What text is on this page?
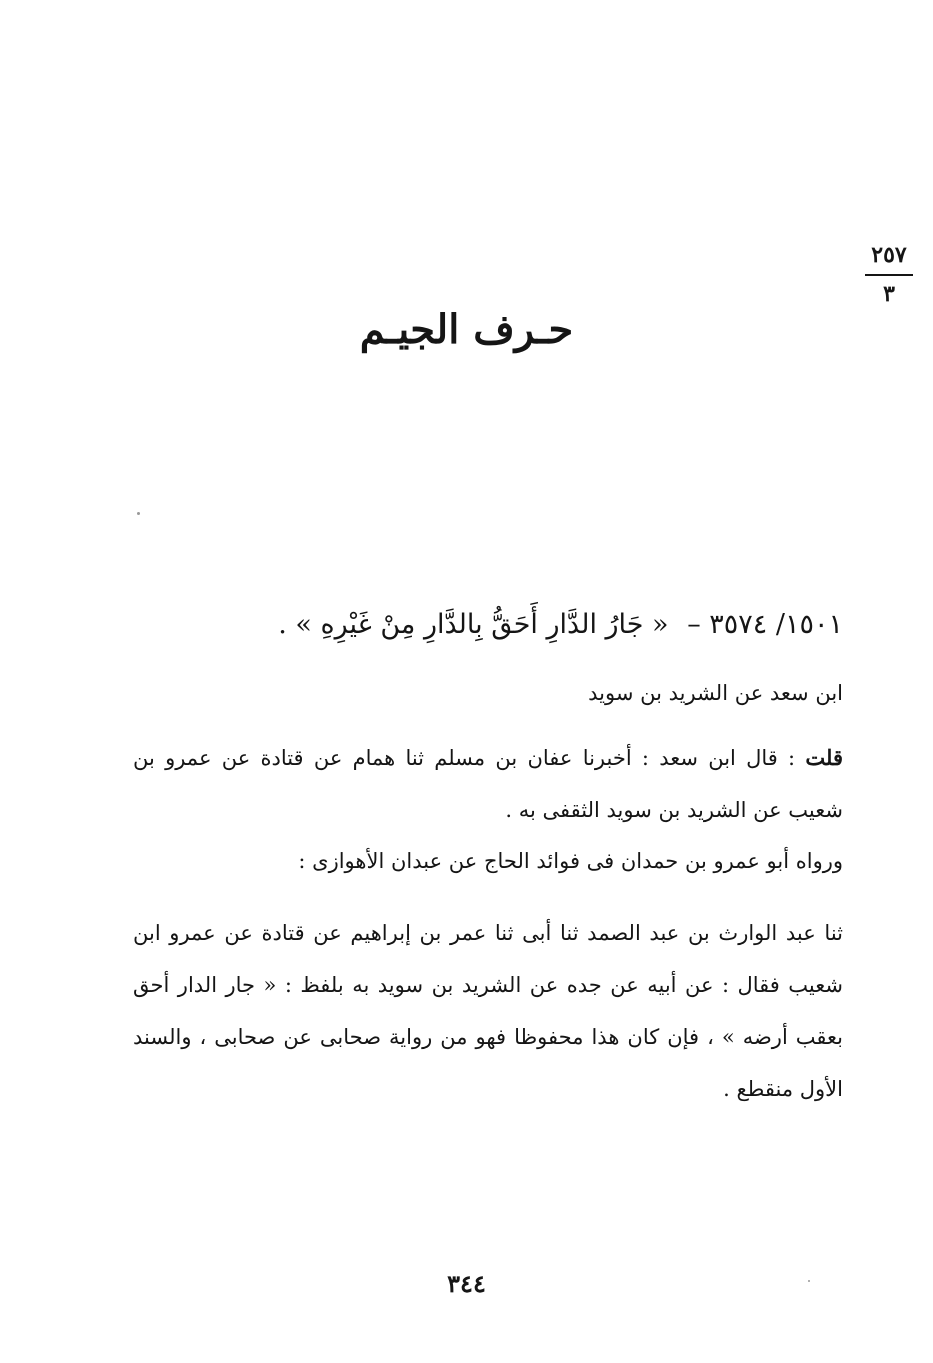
٢٥٧
٣
حـرف الجيـم
١٥٠١/ ٣٥٧٤ – « جَارُ الدَّارِ أَحَقُّ بِالدَّارِ مِنْ غَيْرِهِ » .
ابن سعد عن الشريد بن سويد
قلت : قال ابن سعد : أخبرنا عفان بن مسلم ثنا همام عن قتادة عن عمرو بن شعيب عن الشريد بن سويد الثقفى به .
ورواه أبو عمرو بن حمدان فى فوائد الحاج عن عبدان الأهوازى :
ثنا عبد الوارث بن عبد الصمد ثنا أبى ثنا عمر بن إبراهيم عن قتادة عن عمرو ابن شعيب فقال : عن أبيه عن جده عن الشريد بن سويد به بلفظ : « جار الدار أحق بعقب أرضه » ، فإن كان هذا محفوظا فهو من رواية صحابى عن صحابى ، والسند الأول منقطع .
٣٤٤
